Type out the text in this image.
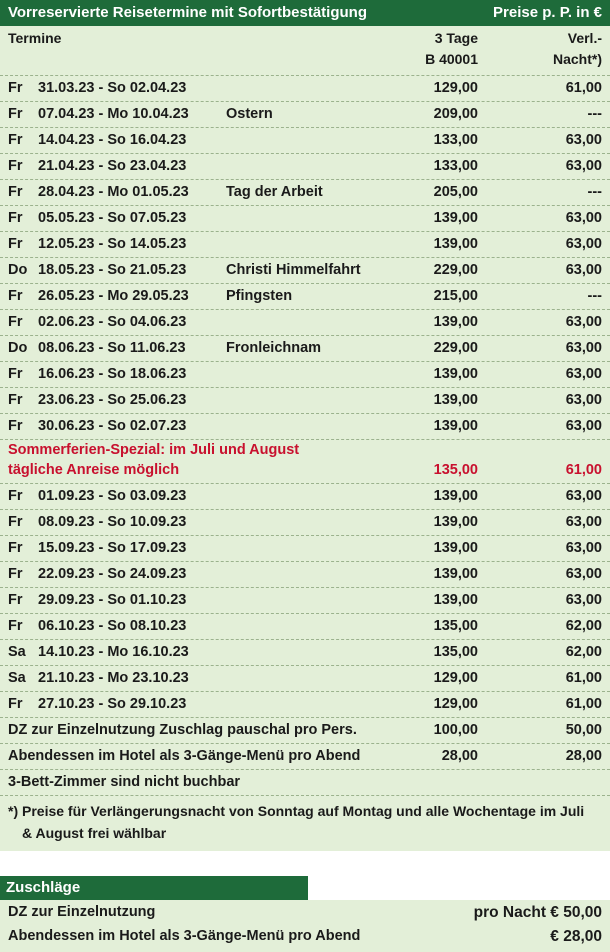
Vorreservierte Reisetermine mit Sofortbestätigung	Preise p. P. in €
Termine	3 Tage
B 40001
Verl.-
Nacht*)
Fr 31.03.23 - So 02.04.23	129,00	61,00
Fr 07.04.23 - Mo 10.04.23	Ostern	209,00	---
Fr 14.04.23 - So 16.04.23	133,00	63,00
Fr 21.04.23 - So 23.04.23	133,00	63,00
Fr 28.04.23 - Mo 01.05.23	Tag der Arbeit	205,00	---
Fr 05.05.23 - So 07.05.23	139,00	63,00
Fr 12.05.23 - So 14.05.23	139,00	63,00
Do 18.05.23 - So 21.05.23	Christi Himmelfahrt	229,00	63,00
Fr 26.05.23 - Mo 29.05.23	Pfingsten	215,00	---
Fr 02.06.23 - So 04.06.23	139,00	63,00
Do 08.06.23 - So 11.06.23	Fronleichnam	229,00	63,00
Fr 16.06.23 - So 18.06.23	139,00	63,00
Fr 23.06.23 - So 25.06.23	139,00	63,00
Fr 30.06.23 - So 02.07.23	139,00	63,00
Sommerferien-Spezial: im Juli und August
tägliche Anreise möglich	135,00	61,00
Fr 01.09.23 - So 03.09.23	139,00	63,00
Fr 08.09.23 - So 10.09.23	139,00	63,00
Fr 15.09.23 - So 17.09.23	139,00	63,00
Fr 22.09.23 - So 24.09.23	139,00	63,00
Fr 29.09.23 - So 01.10.23	139,00	63,00
Fr 06.10.23 - So 08.10.23	135,00	62,00
Sa 14.10.23 - Mo 16.10.23	135,00	62,00
Sa 21.10.23 - Mo 23.10.23	129,00	61,00
Fr 27.10.23 - So 29.10.23	129,00	61,00
DZ zur Einzelnutzung Zuschlag pauschal pro Pers.	100,00	50,00
Abendessen im Hotel als 3-Gänge-Menü pro Abend	28,00	28,00
3-Bett-Zimmer sind nicht buchbar
*) Preise für Verlängerungsnacht von Sonntag auf Montag und alle Wochentage im Juli
& August frei wählbar
Zuschläge
DZ zur Einzelnutzung	pro Nacht € 50,00
Abendessen im Hotel als 3-Gänge-Menü pro Abend	€ 28,00
